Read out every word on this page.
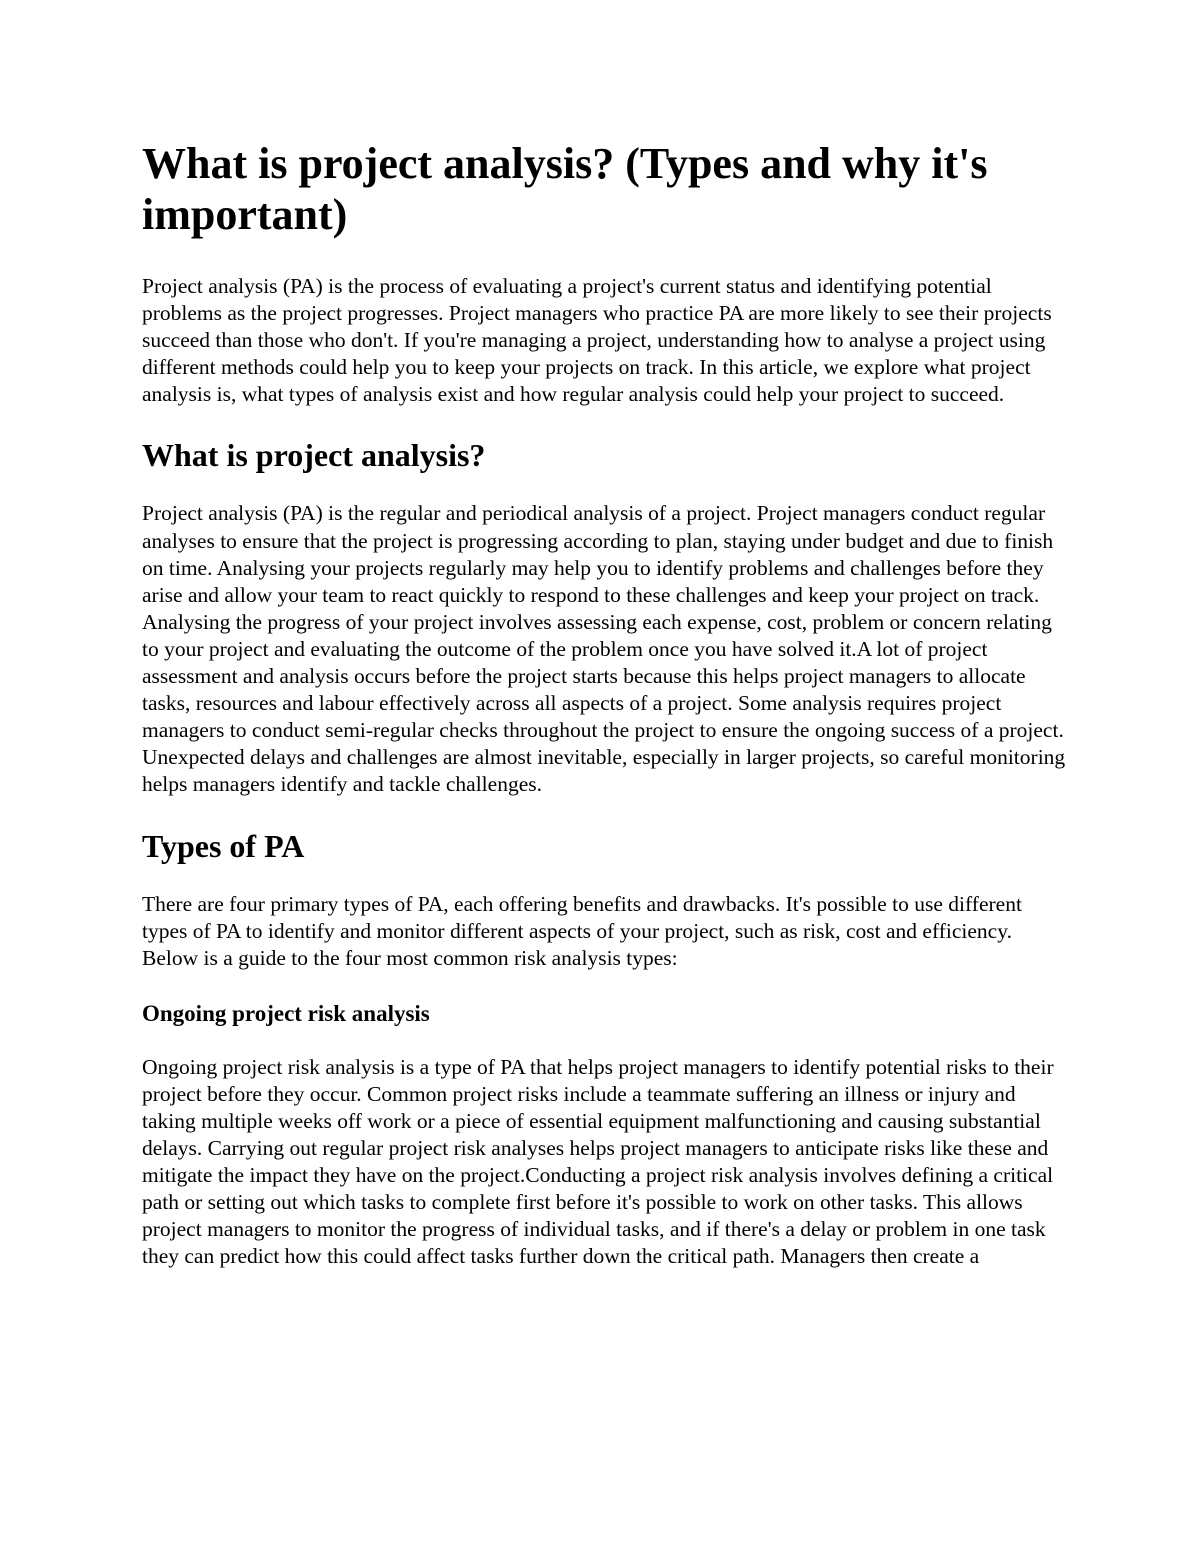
What is project analysis? (Types and why it's important)

Project analysis (PA) is the process of evaluating a project's current status and identifying potential problems as the project progresses. Project managers who practice PA are more likely to see their projects succeed than those who don't. If you're managing a project, understanding how to analyse a project using different methods could help you to keep your projects on track. In this article, we explore what project analysis is, what types of analysis exist and how regular analysis could help your project to succeed.

What is project analysis?

Project analysis (PA) is the regular and periodical analysis of a project. Project managers conduct regular analyses to ensure that the project is progressing according to plan, staying under budget and due to finish on time. Analysing your projects regularly may help you to identify problems and challenges before they arise and allow your team to react quickly to respond to these challenges and keep your project on track. Analysing the progress of your project involves assessing each expense, cost, problem or concern relating to your project and evaluating the outcome of the problem once you have solved it.A lot of project assessment and analysis occurs before the project starts because this helps project managers to allocate tasks, resources and labour effectively across all aspects of a project. Some analysis requires project managers to conduct semi-regular checks throughout the project to ensure the ongoing success of a project. Unexpected delays and challenges are almost inevitable, especially in larger projects, so careful monitoring helps managers identify and tackle challenges.

Types of PA

There are four primary types of PA, each offering benefits and drawbacks. It's possible to use different types of PA to identify and monitor different aspects of your project, such as risk, cost and efficiency. Below is a guide to the four most common risk analysis types:

Ongoing project risk analysis

Ongoing project risk analysis is a type of PA that helps project managers to identify potential risks to their project before they occur. Common project risks include a teammate suffering an illness or injury and taking multiple weeks off work or a piece of essential equipment malfunctioning and causing substantial delays. Carrying out regular project risk analyses helps project managers to anticipate risks like these and mitigate the impact they have on the project.Conducting a project risk analysis involves defining a critical path or setting out which tasks to complete first before it's possible to work on other tasks. This allows project managers to monitor the progress of individual tasks, and if there's a delay or problem in one task they can predict how this could affect tasks further down the critical path. Managers then create a
